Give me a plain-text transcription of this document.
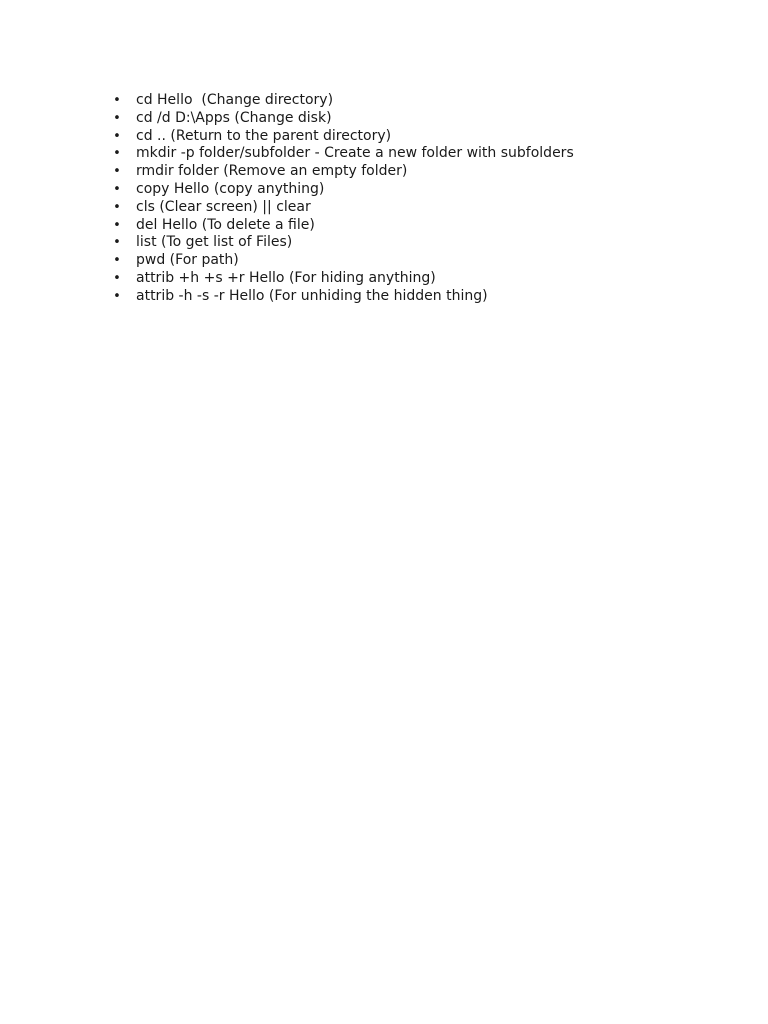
• cd Hello  (Change directory)
• cd /d D:\Apps (Change disk)
• cd .. (Return to the parent directory)
• mkdir -p folder/subfolder - Create a new folder with subfolders
• rmdir folder (Remove an empty folder)
• copy Hello (copy anything)
• cls (Clear screen) || clear
• del Hello (To delete a file)
• list (To get list of Files)
• pwd (For path)
• attrib +h +s +r Hello (For hiding anything)
• attrib -h -s -r Hello (For unhiding the hidden thing)
